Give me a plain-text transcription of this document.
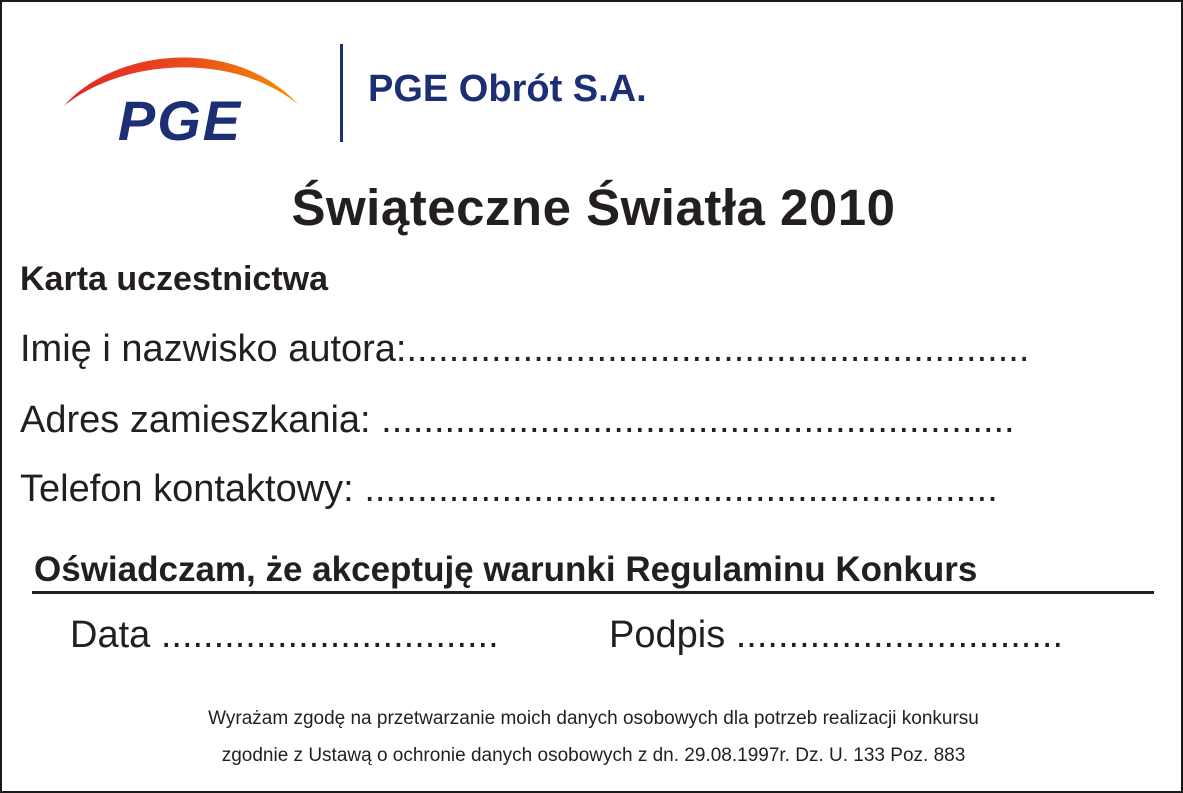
PGE	PGE Obrót S.A.
Świąteczne Światła 2010
Karta uczestnictwa
Imię i nazwisko autora:...........................................................
Adres zamieszkania: ............................................................
Telefon kontaktowy: ............................................................
Oświadczam, że akceptuję warunki Regulaminu Konkurs
Data ................................	Podpis ...............................
Wyrażam zgodę na przetwarzanie moich danych osobowych dla potrzeb realizacji konkursu
zgodnie z Ustawą o ochronie danych osobowych z dn. 29.08.1997r. Dz. U. 133 Poz. 883
